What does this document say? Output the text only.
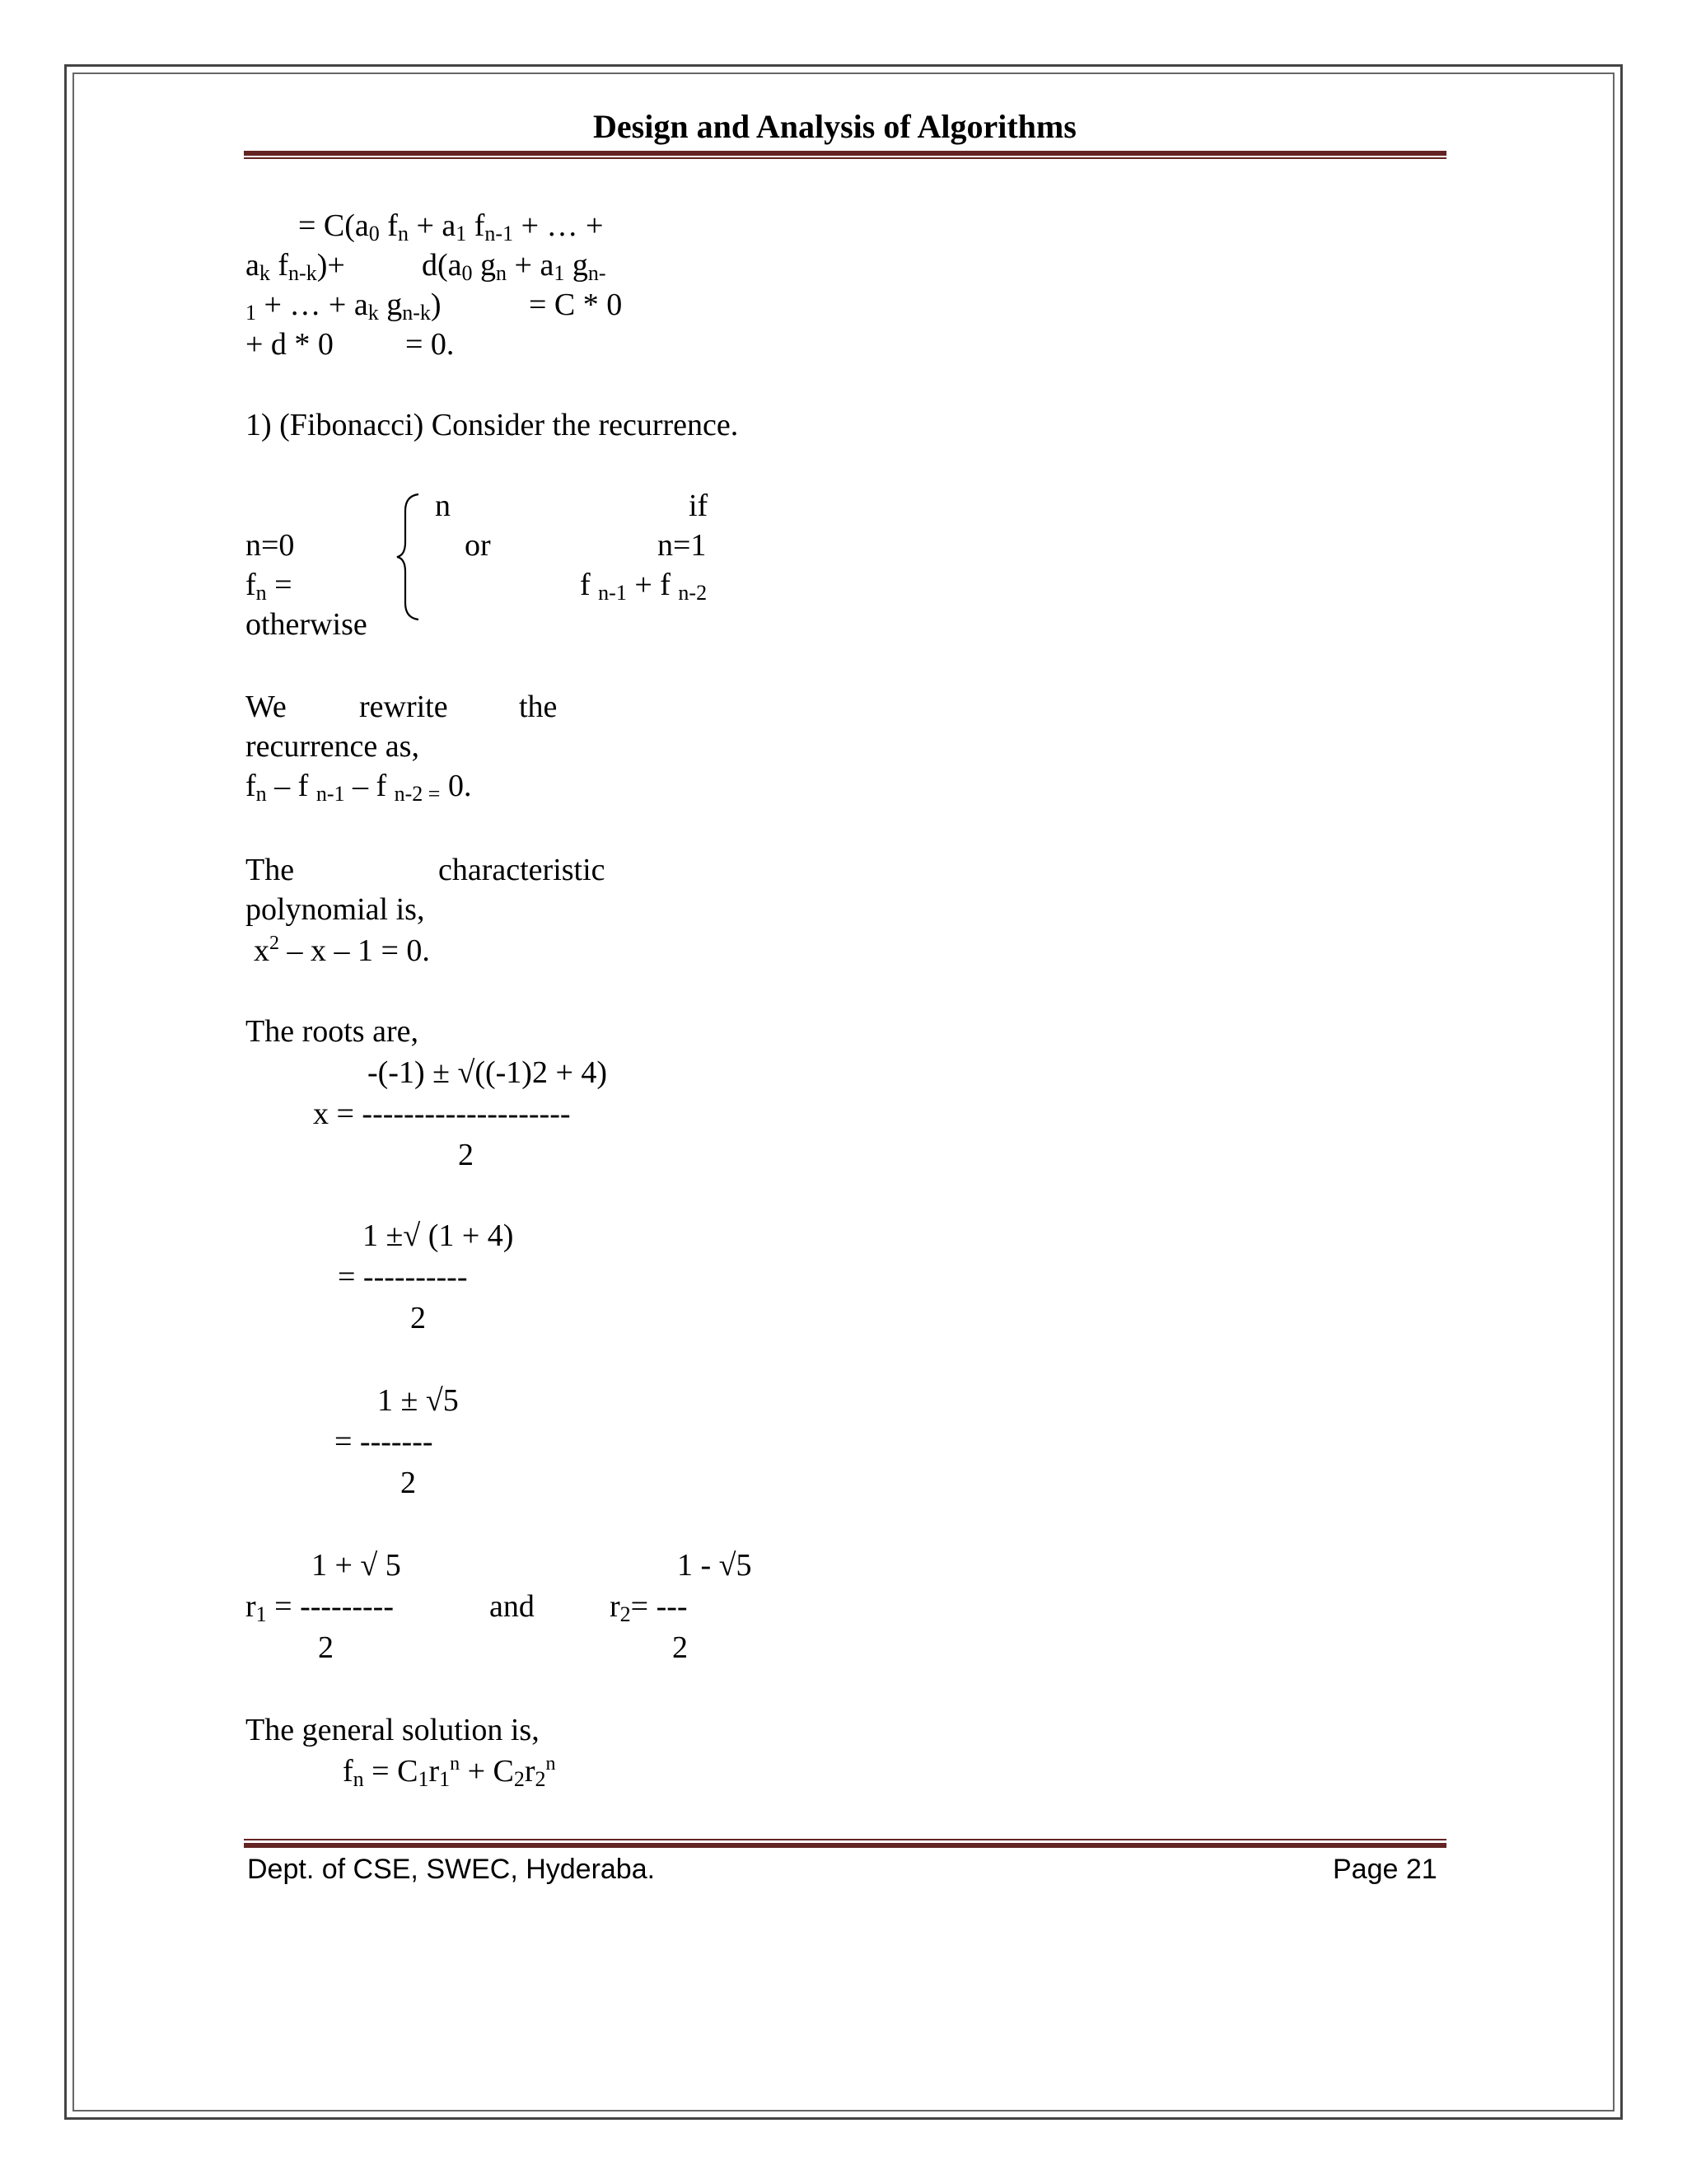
Design and Analysis of Algorithms
= $C(a_0$ $f_n + a_1$ $f_{n-1}$ + … +
$a_k$ $f_{n-k})+ d(a_0$ $g_n + a_1$ $g_{n-}$
$_1$ + … + $a_k$ $g_{n-k}$)	= C * 0
+ d * 0 = 0.
1) (Fibonacci) Consider the recurrence.
n	if
n=0	or	n=1
$f_n$ =	f $_{n-1}$ + f $_{n-2}$
otherwise
We rewrite the
recurrence as,
$f_n$ – f $_{n-1}$ – f $_{n-2 =}$ 0.
The	characteristic
polynomial is,
$x^2 - x - 1 = 0$.
The roots are,
-(-1) ± √((-1)2 + 4)
x = --------------------
2
1 ±√ (1 + 4)
= ----------
2
1 ± √5
= -------
2
1 + √ 5	1 - √5
$r_1$ = ---------	and $r_2=$ ---
2	2
The general solution is,
$f_n = C_1r_1^n + C_2r_2^n$
Dept. of CSE, SWEC, Hyderaba.	Page 21
